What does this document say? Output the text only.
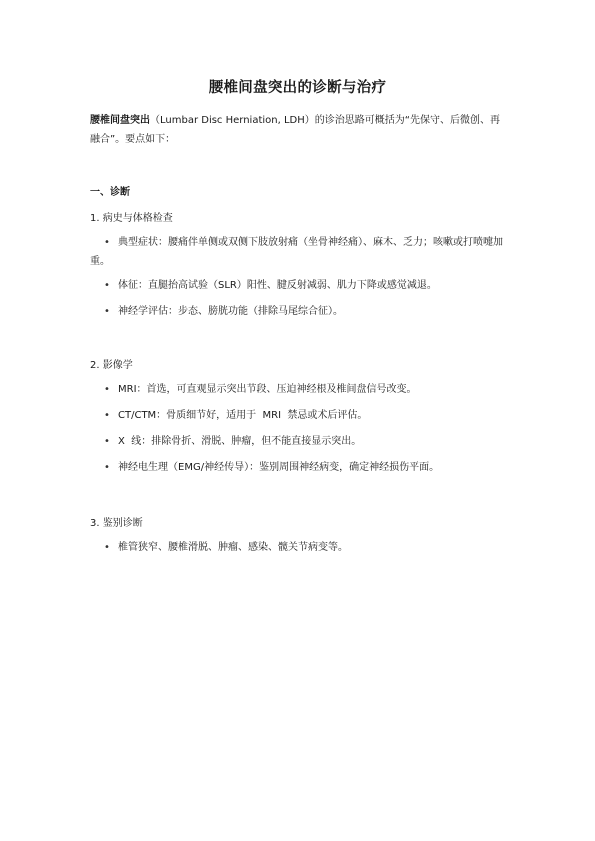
腰椎间盘突出的诊断与治疗
腰椎间盘突出（Lumbar Disc Herniation, LDH）的诊治思路可概括为“先保守、后微创、再融合”。要点如下：
一、诊断
1. 病史与体格检查
• 典型症状：腰痛伴单侧或双侧下肢放射痛（坐骨神经痛）、麻木、乏力；咳嗽或打喷嚏加重。
• 体征：直腿抬高试验（SLR）阳性、腱反射减弱、肌力下降或感觉减退。
• 神经学评估：步态、膀胱功能（排除马尾综合征）。
2. 影像学
• MRI：首选，可直观显示突出节段、压迫神经根及椎间盘信号改变。
• CT/CTM：骨质细节好，适用于  MRI  禁忌或术后评估。
• X  线：排除骨折、滑脱、肿瘤，但不能直接显示突出。
• 神经电生理（EMG/神经传导）：鉴别周围神经病变，确定神经损伤平面。
3. 鉴别诊断
• 椎管狭窄、腰椎滑脱、肿瘤、感染、髋关节病变等。
